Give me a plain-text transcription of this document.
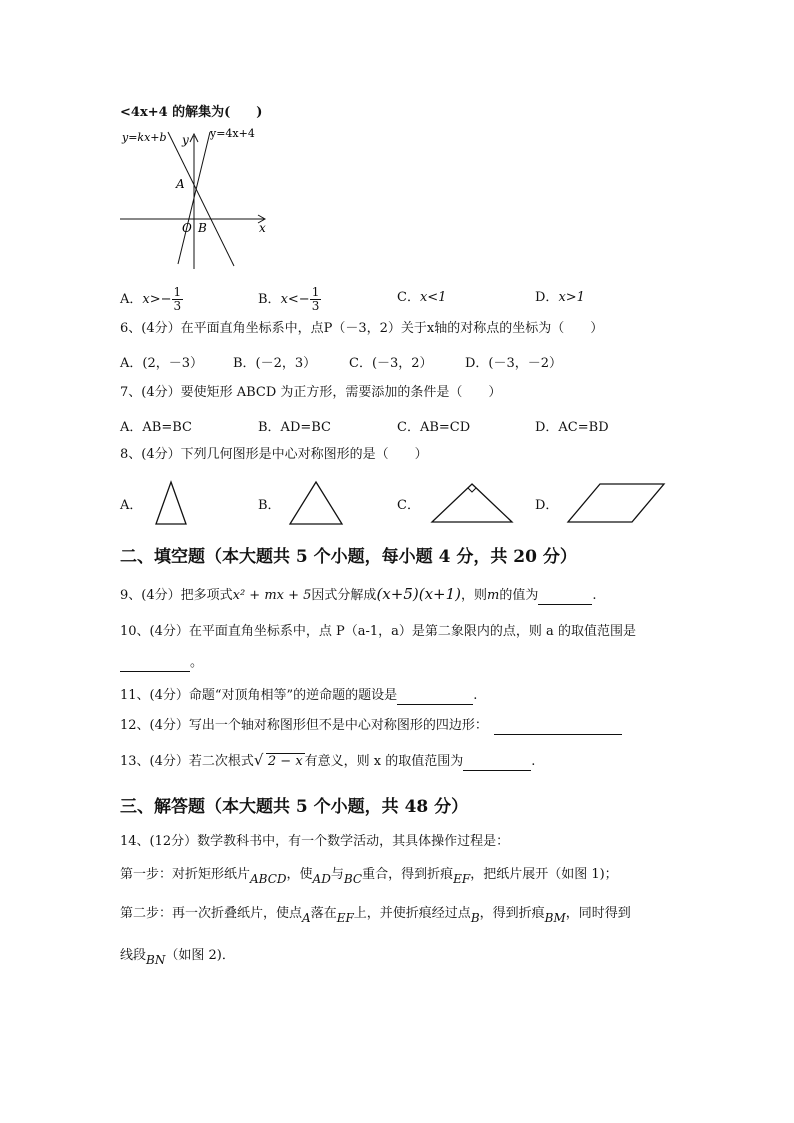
<4x+4 的解集为(　　)
y=kx+b y y=4x+4
A
O B	x
A．$x>- \frac{1}{3}$	B．$x<- \frac{1}{3}$	C．x<1	D．x>1
6、(4分）在平面直角坐标系中，点P（－3，2）关于x轴的对称点的坐标为（　　）
A．(2，－3） B．(－2，3）	C．(－3，2） D．(－3，－2）
7、(4分）要使矩形 ABCD 为正方形，需要添加的条件是（　　）
A．AB=BC	B．AD=BC	C．AB=CD	D．AC=BD
8、(4分）下列几何图形是中心对称图形的是（　　）
A．	B．	C．	D．
二、填空题（本大题共 5 个小题，每小题 4 分，共 20 分）
9、(4分）把多项式x² + mx + 5因式分解成(x+5)(x+1)，则m的值为	.
10、(4分）在平面直角坐标系中，点 P（a-1，a）是第二象限内的点，则 a 的取值范围是
。
11、(4分）命题“对顶角相等”的逆命题的题设是	.
12、(4分）写出一个轴对称图形但不是中心对称图形的四边形：
13、(4分）若二次根式 √ 2 − x 有意义，则 x 的取值范围为	.
三、解答题（本大题共 5 个小题，共 48 分）
14、(12分）数学教科书中，有一个数学活动，其具体操作过程是：
第一步：对折矩形纸片ABCD，使AD与BC重合，得到折痕EF，把纸片展开（如图 1)；
第二步：再一次折叠纸片，使点A落在EF上，并使折痕经过点B，得到折痕BM，同时得到
线段BN（如图 2)．
